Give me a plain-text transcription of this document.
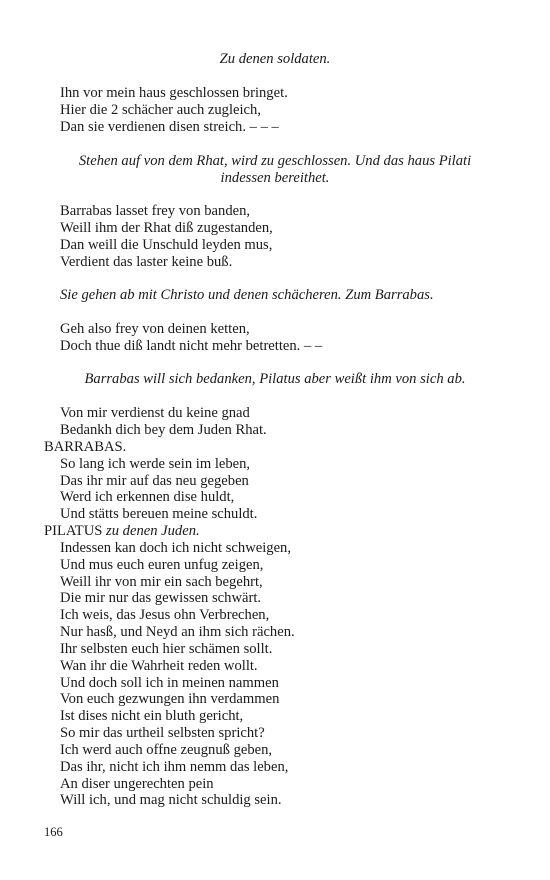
Zu denen soldaten.
Ihn vor mein haus geschlossen bringet.
Hier die 2 schächer auch zugleich,
Dan sie verdienen disen streich. – – –
Stehen auf von dem Rhat, wird zu geschlossen. Und das haus Pilati
indessen bereithet.
Barrabas lasset frey von banden,
Weill ihm der Rhat diß zugestanden,
Dan weill die Unschuld leyden mus,
Verdient das laster keine buß.
Sie gehen ab mit Christo und denen schächeren. Zum Barrabas.
Geh also frey von deinen ketten,
Doch thue diß landt nicht mehr betretten. – –
Barrabas will sich bedanken, Pilatus aber weißt ihm von sich ab.
Von mir verdienst du keine gnad
Bedankh dich bey dem Juden Rhat.
BARRABAS.
So lang ich werde sein im leben,
Das ihr mir auf das neu gegeben
Werd ich erkennen dise huldt,
Und stätts bereuen meine schuldt.
PILATUS zu denen Juden.
Indessen kan doch ich nicht schweigen,
Und mus euch euren unfug zeigen,
Weill ihr von mir ein sach begehrt,
Die mir nur das gewissen schwärt.
Ich weis, das Jesus ohn Verbrechen,
Nur hasß, und Neyd an ihm sich rächen.
Ihr selbsten euch hier schämen sollt.
Wan ihr die Wahrheit reden wollt.
Und doch soll ich in meinen nammen
Von euch gezwungen ihn verdammen
Ist dises nicht ein bluth gericht,
So mir das urtheil selbsten spricht?
Ich werd auch offne zeugnuß geben,
Das ihr, nicht ich ihm nemm das leben,
An diser ungerechten pein
Will ich, und mag nicht schuldig sein.
166
